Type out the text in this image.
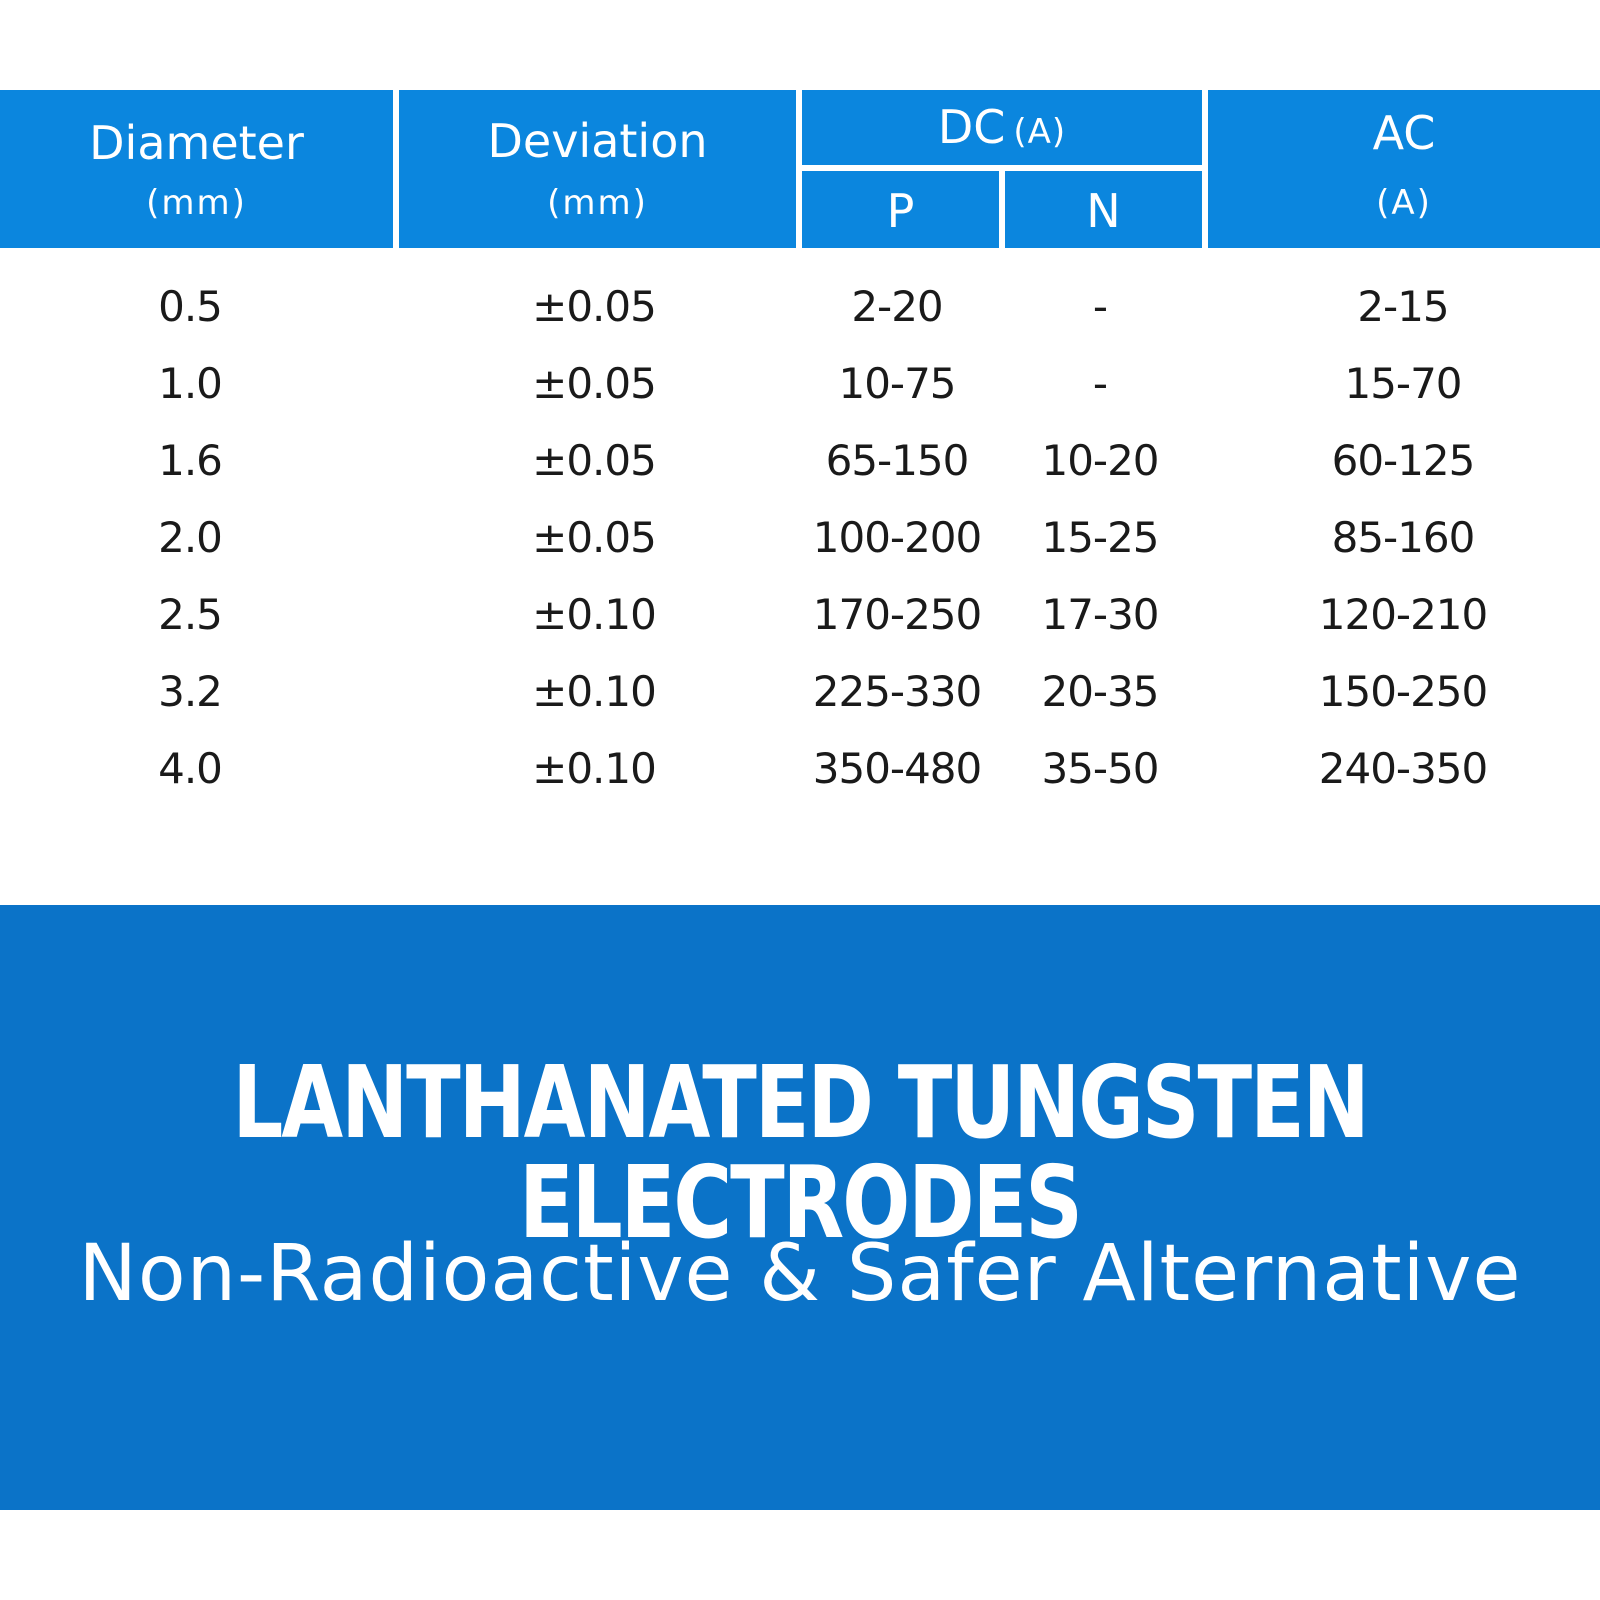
Diameter
(mm)
Deviation
(mm)
DC (A)
P	N
AC
(A)
0.5	±0.05	2-20	-	2-15
1.0	±0.05	10-75	-	15-70
1.6	±0.05	65-150	10-20	60-125
2.0	±0.05	100-200	15-25	85-160
2.5	±0.10	170-250	17-30	120-210
3.2	±0.10	225-330	20-35	150-250
4.0	±0.10	350-480	35-50	240-350
LANTHANATED TUNGSTEN ELECTRODES
Non-Radioactive & Safer Alternative
